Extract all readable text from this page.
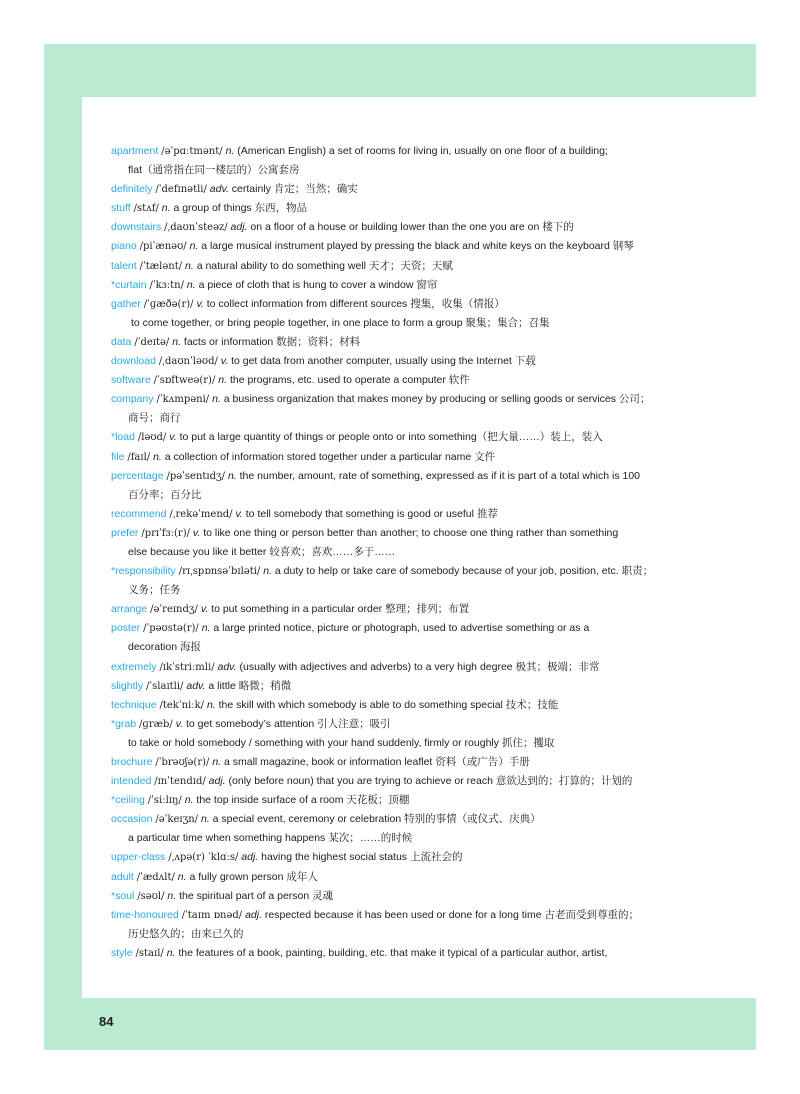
apartment /əˈpɑːtmənt/ n. (American English) a set of rooms for living in, usually on one floor of a building;
flat（通常指在同一楼层的）公寓套房
definitely /ˈdefɪnətli/ adv. certainly 肯定；当然；确实
stuff /stʌf/ n. a group of things 东西，物品
downstairs /ˌdaʊnˈsteəz/ adj. on a floor of a house or building lower than the one you are on 楼下的
piano /piˈænəʊ/ n. a large musical instrument played by pressing the black and white keys on the keyboard 钢琴
talent /ˈtælənt/ n. a natural ability to do something well 天才；天资；天赋
*curtain /ˈkɜːtn/ n. a piece of cloth that is hung to cover a window 窗帘
gather /ˈɡæðə(r)/ v. to collect information from different sources 搜集，收集（情报）
to come together, or bring people together, in one place to form a group 聚集；集合；召集
data /ˈdeɪtə/ n. facts or information 数据；资料；材料
download /ˌdaʊnˈləʊd/ v. to get data from another computer, usually using the Internet 下载
software /ˈsɒftweə(r)/ n. the programs, etc. used to operate a computer 软件
company /ˈkʌmpəni/ n. a business organization that makes money by producing or selling goods or services 公司；
商号；商行
*load /ləʊd/ v. to put a large quantity of things or people onto or into something（把大量……）装上，装入
file /faɪl/ n. a collection of information stored together under a particular name 文件
percentage /pəˈsentɪdʒ/ n. the number, amount, rate of something, expressed as if it is part of a total which is 100
百分率；百分比
recommend /ˌrekəˈmend/ v. to tell somebody that something is good or useful 推荐
prefer /prɪˈfɜː(r)/ v. to like one thing or person better than another; to choose one thing rather than something
else because you like it better 较喜欢；喜欢……多于……
*responsibility /rɪˌspɒnsəˈbɪləti/ n. a duty to help or take care of somebody because of your job, position, etc. 职责；
义务；任务
arrange /əˈreɪndʒ/ v. to put something in a particular order 整理；排列；布置
poster /ˈpəʊstə(r)/ n. a large printed notice, picture or photograph, used to advertise something or as a
decoration 海报
extremely /ɪkˈstriːmli/ adv. (usually with adjectives and adverbs) to a very high degree 极其；极端；非常
slightly /ˈslaɪtli/ adv. a little 略微；稍微
technique /tekˈniːk/ n. the skill with which somebody is able to do something special 技术；技能
*grab /ɡræb/ v. to get somebody’s attention 引人注意；吸引
to take or hold somebody / something with your hand suddenly, firmly or roughly 抓住；攫取
brochure /ˈbrəʊʃə(r)/ n. a small magazine, book or information leaflet 资料（或广告）手册
intended /ɪnˈtendɪd/ adj. (only before noun) that you are trying to achieve or reach 意欲达到的；打算的；计划的
*ceiling /ˈsiːlɪŋ/ n. the top inside surface of a room 天花板；顶棚
occasion /əˈkeɪʒn/ n. a special event, ceremony or celebration 特别的事情（或仪式、庆典）
a particular time when something happens 某次；……的时候
upper-class /ˌʌpə(r) ˈklɑːs/ adj. having the highest social status 上流社会的
adult /ˈædʌlt/ n. a fully grown person 成年人
*soul /səʊl/ n. the spiritual part of a person 灵魂
time-honoured /ˈtaɪm ɒnəd/ adj. respected because it has been used or done for a long time 古老而受到尊重的；
历史悠久的；由来已久的
style /staɪl/ n. the features of a book, painting, building, etc. that make it typical of a particular author, artist,
84
